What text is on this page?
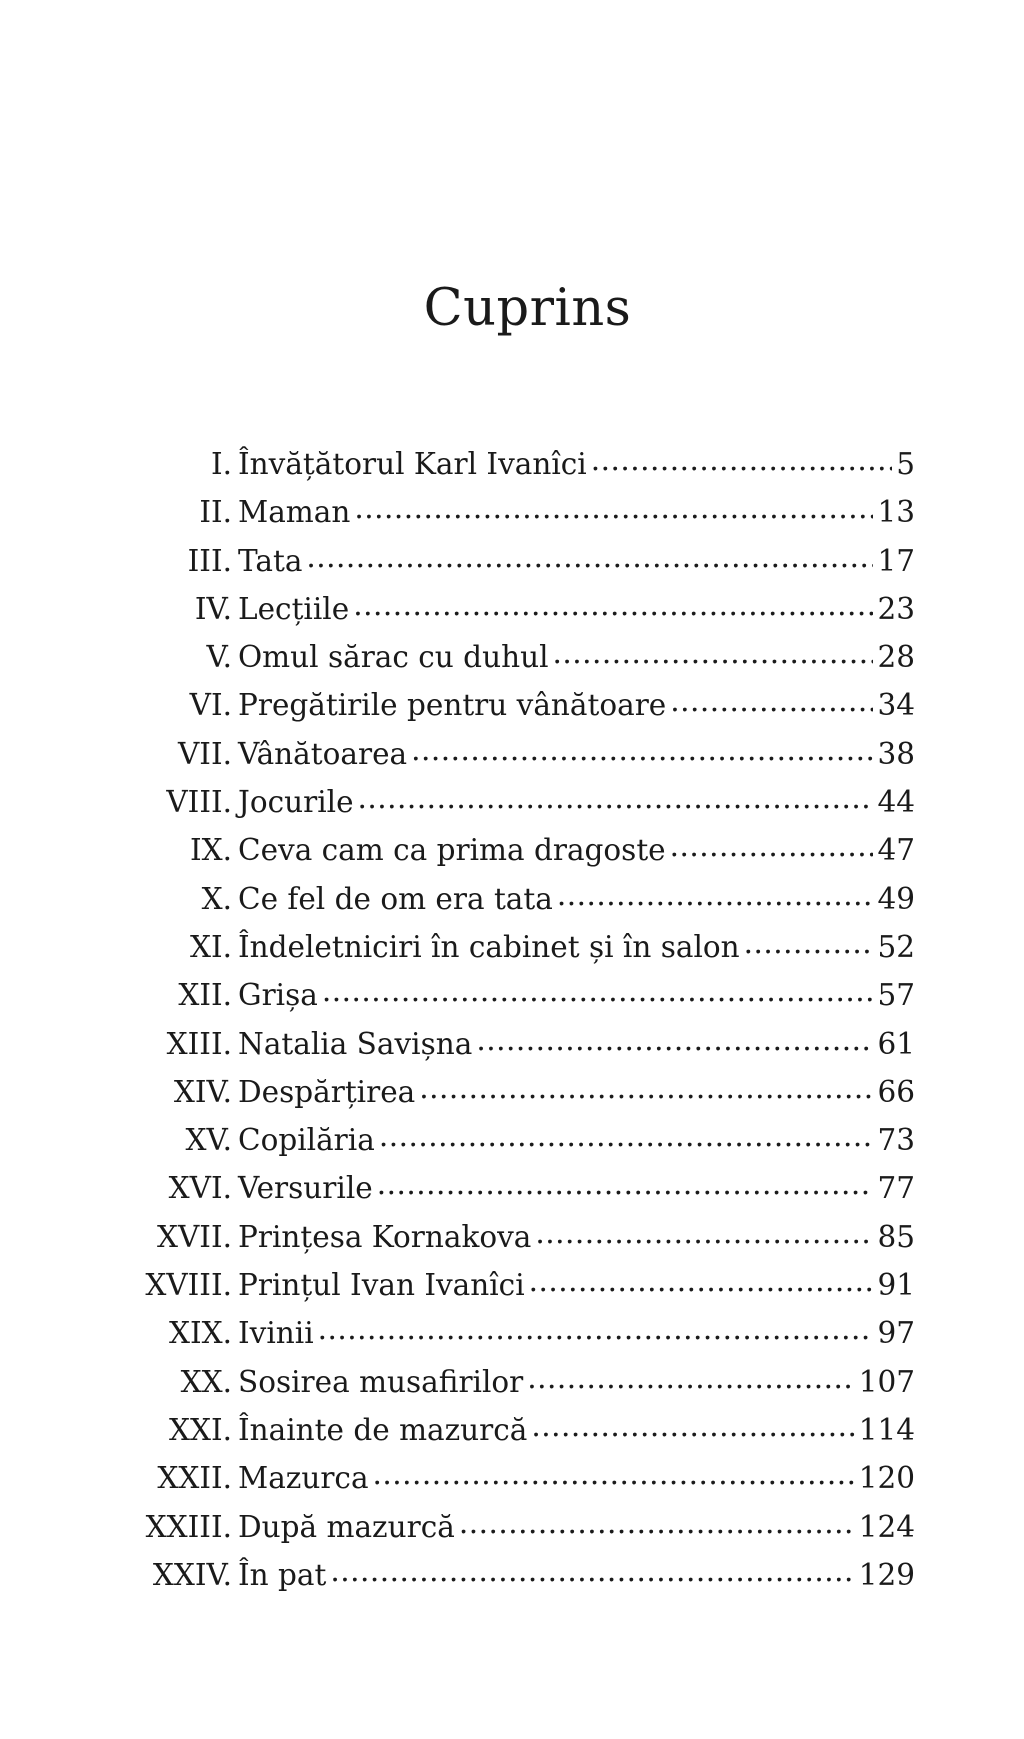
Cuprins
I. Învățătorul Karl Ivanîci .....	5
II. Maman .....	13
III. Tata .....	17
IV. Lecțiile .....	23
V. Omul sărac cu duhul .....	28
VI. Pregătirile pentru vânătoare .....	34
VII. Vânătoarea .....	38
VIII. Jocurile .....	44
IX. Ceva cam ca prima dragoste .....	47
X. Ce fel de om era tata .....	49
XI. Îndeletniciri în cabinet și în salon .....	52
XII. Grișa .....	57
XIII. Natalia Savișna .....	61
XIV. Despărțirea .....	66
XV. Copilăria .....	73
XVI. Versurile .....	77
XVII. Prințesa Kornakova .....	85
XVIII. Prințul Ivan Ivanîci .....	91
XIX. Ivinii .....	97
XX. Sosirea musafirilor .....	107
XXI. Înainte de mazurcă .....	114
XXII. Mazurca .....	120
XXIII. După mazurcă .....	124
XXIV. În pat .....	129
